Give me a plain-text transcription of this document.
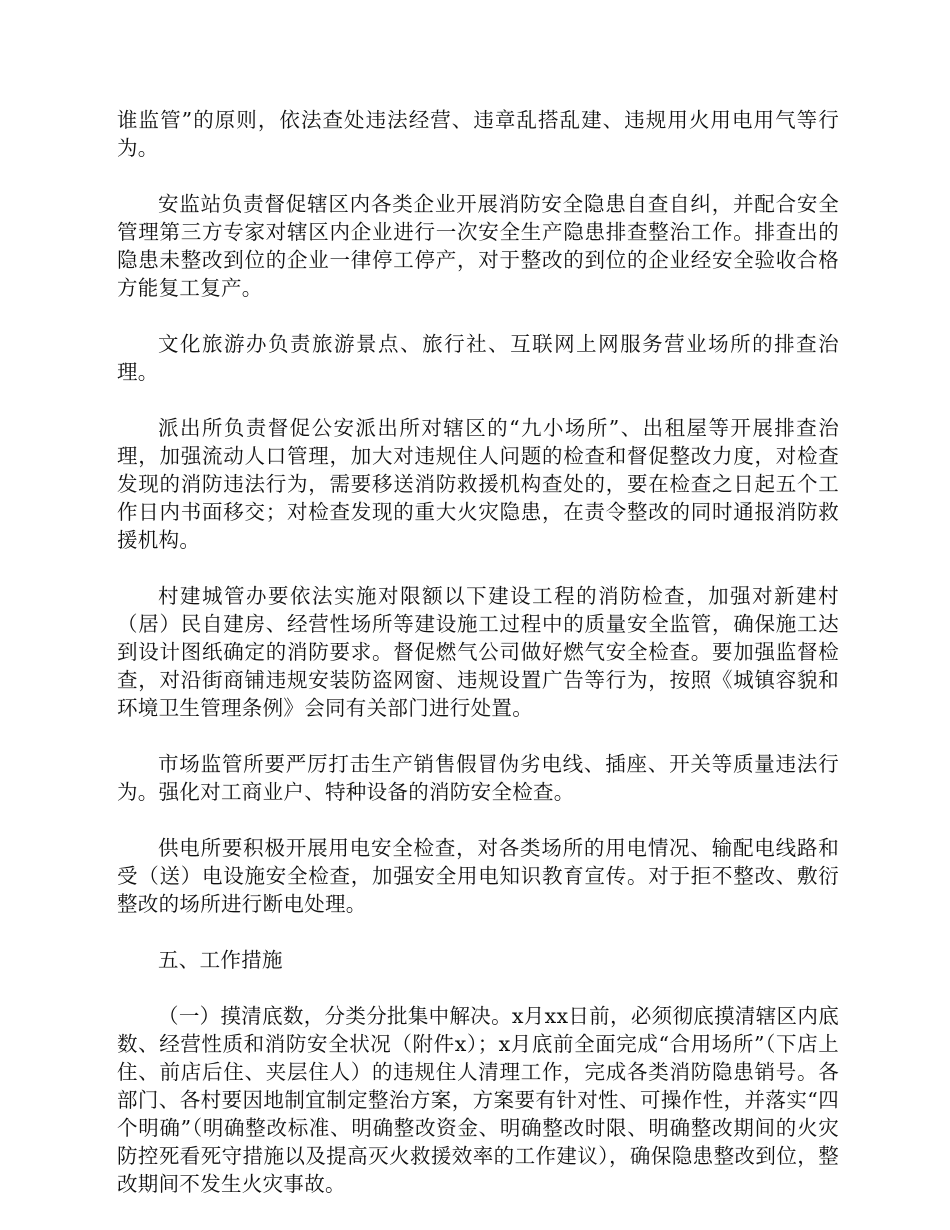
谁监管”的原则，依法查处违法经营、违章乱搭乱建、违规用火用电用气等行为。

安监站负责督促辖区内各类企业开展消防安全隐患自查自纠，并配合安全管理第三方专家对辖区内企业进行一次安全生产隐患排查整治工作。排查出的隐患未整改到位的企业一律停工停产，对于整改的到位的企业经安全验收合格方能复工复产。

文化旅游办负责旅游景点、旅行社、互联网上网服务营业场所的排查治理。

派出所负责督促公安派出所对辖区的“九小场所”、出租屋等开展排查治理，加强流动人口管理，加大对违规住人问题的检查和督促整改力度，对检查发现的消防违法行为，需要移送消防救援机构查处的，要在检查之日起五个工作日内书面移交；对检查发现的重大火灾隐患，在责令整改的同时通报消防救援机构。

村建城管办要依法实施对限额以下建设工程的消防检查，加强对新建村（居）民自建房、经营性场所等建设施工过程中的质量安全监管，确保施工达到设计图纸确定的消防要求。督促燃气公司做好燃气安全检查。要加强监督检查，对沿街商铺违规安装防盗网窗、违规设置广告等行为，按照《城镇容貌和环境卫生管理条例》会同有关部门进行处置。

市场监管所要严厉打击生产销售假冒伪劣电线、插座、开关等质量违法行为。强化对工商业户、特种设备的消防安全检查。

供电所要积极开展用电安全检查，对各类场所的用电情况、输配电线路和受（送）电设施安全检查，加强安全用电知识教育宣传。对于拒不整改、敷衍整改的场所进行断电处理。

五、工作措施

（一）摸清底数，分类分批集中解决。x月xx日前，必须彻底摸清辖区内底数、经营性质和消防安全状况（附件x）；x月底前全面完成“合用场所”（下店上住、前店后住、夹层住人）的违规住人清理工作，完成各类消防隐患销号。各部门、各村要因地制宜制定整治方案，方案要有针对性、可操作性，并落实“四个明确”（明确整改标准、明确整改资金、明确整改时限、明确整改期间的火灾防控死看死守措施以及提高灭火救援效率的工作建议），确保隐患整改到位，整改期间不发生火灾事故。
